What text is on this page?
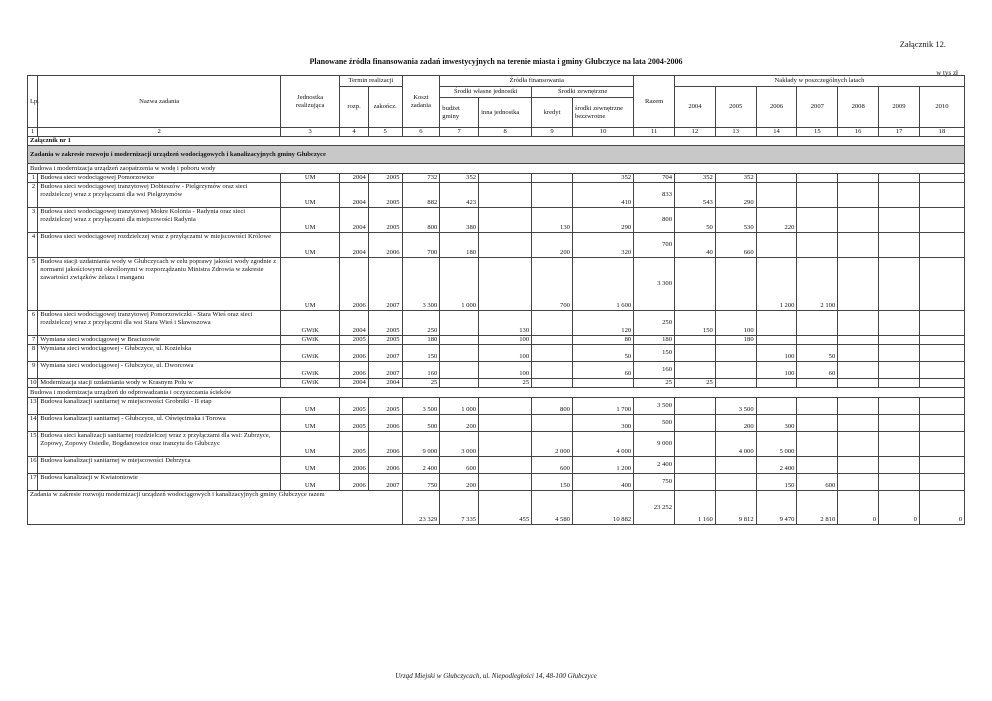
Załącznik 12.
Planowane źródła finansowania zadań inwestycyjnych na terenie miasta i gminy Głubczyce na lata 2004-2006
w tys zł
Lp.	Nazwa zadania	Jednostka realizująca	Termin realizacji		Koszt zadania	Źródła finansowania				Razem	Nakłady w poszczególnych latach						
			rozp.	zakończ.		Środki własne jednostki		Środki zewnętrzne			2004	2005	2006	2007	2008	2009	2010
						budżet gminy	inna jednostka	kredyt	środki zewnętrzne bezzwrotne								
1	2	3	4	5	6	7	8	9	10	11	12	13	14	15	16	17	18
Załącznik nr 1																	
Zadania w zakresie rozwoju i modernizacji urządzeń wodociągowych i kanalizacyjnych gminy Głubczyce																	
Budowa i modernizacja urządzeń zaopatrzenia w wodę i poboru wody																	
1	Budowa sieci wodociągowej Pomorzowice	UM	2004	2005	732	352			352	704	352	352					
2	Budowa sieci wodociągowej tranzytowej Dobieszów - Pielgrzymów oraz sieci rozdzielczej wraz z przyłączami dla wsi Pielgrzymów	UM	2004	2005	882	423			410	833	543	290					
3	Budowa sieci wodociągowej tranzytowej Mokre Kolonia - Radynia oraz sieci rozdzielczej wraz z przyłączami dla miejscowości Radynia	UM	2004	2005	800	380		130	290	800	50	530	220				
4	Budowa sieci wodociągowej rozdzielczej wraz z przyłączami w miejscowości Królowe	UM	2004	2006	700	180		200	320	700	40	660					
5	Budowa stacji uzdatniania wody w Głubczycach w celu poprawy jakości wody zgodnie z normami jakościowymi określonymi w rozporządzaniu Ministra Zdrowia w zakresie zawartości związków żelaza i manganu	UM	2006	2007	3 300	1 000		700	1 600	3 300			1 200	2 100			
6	Budowa sieci wodociągowej tranzytowej Pomorzowiczki - Stara Wieś oraz sieci rozdzielczej wraz z przyłączmi dla wsi Stara Wieś i Sławoszowa	GWiK	2004	2005	250		130		120	250	150	100					
7	Wymiana sieci wodociągowej w Braciszowie	GWiK	2005	2005	180		100		80	180		180					
8	Wymiana sieci wodociągowej - Głubczyce, ul. Kozielska	GWiK	2006	2007	150		100		50	150			100	50			
9	Wymiana sieci wodociągowej - Głubczyce, ul. Dworcowa	GWiK	2006	2007	160		100		60	160			100	60			
10	Modernizacja stacji uzdatniania wody w Krasnym Polu w	GWiK	2004	2004	25		25			25	25						
Budowa i modernizacja urządzeń do odprowadzania i oczyszczania ścieków																	
13	Budowa kanalizacji sanitarnej w miejscowości Grobniki - II etap	UM	2005	2005	3 500	1 000		800	1 700	3 500		3 500					
14	Budowa kanalizacji sanitarnej - Głubczyce, ul. Oświęcimska i Torowa	UM	2005	2006	500	200			300	500		200	300				
15	Budowa sieci kanalizacji sanitarnej rozdzielczej wraz z przyłączami dla wsi: Zubrzyce, Zopowy, Zopowy Osiedle, Bogdanowice oraz tranzytu do Głubczyc	UM	2005	2006	9 000	3 000		2 000	4 000	9 000		4 000	5 000				
16	Budowa kanalizacji sanitarnej w miejscowości Debrzyca	UM	2006	2006	2 400	600		600	1 200	2 400			2 400				
17	Budowa kanalizacji w Kwiatoniowie	UM	2006	2007	750	200		150	400	750			150	600			
Zadania w zakresie rozwoju modernizacji urządzeń wodociągowych i kanalizacyjnych gminy Głubczyce razem					23 329	7 335	455	4 580	10 882	23 252	1 160	9 812	9 470	2 810	0	0	0
Urząd Miejski w Głubczycach, ul. Niepodległości 14, 48-100 Głubczyce
